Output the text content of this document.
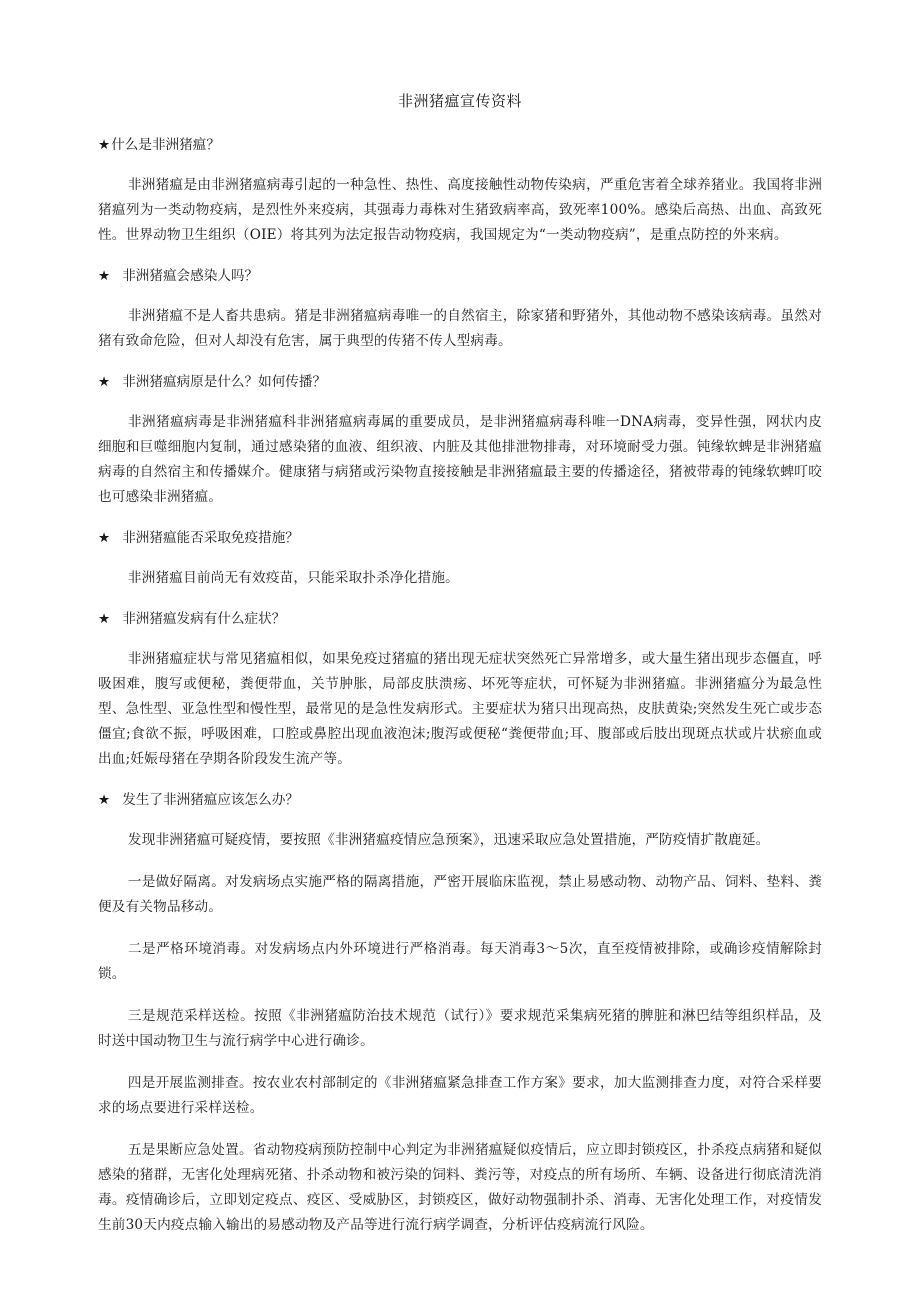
非洲猪瘟宣传资料
★什么是非洲猪瘟？

非洲猪瘟是由非洲猪瘟病毒引起的一种急性、热性、高度接触性动物传染病，严重危害着全球养猪业。我国将非洲猪瘟列为一类动物疫病，是烈性外来疫病，其强毒力毒株对生猪致病率高，致死率100%。感染后高热、出血、高致死性。世界动物卫生组织（OIE）将其列为法定报告动物疫病，我国规定为“一类动物疫病”，是重点防控的外来病。

★ 非洲猪瘟会感染人吗？

非洲猪瘟不是人畜共患病。猪是非洲猪瘟病毒唯一的自然宿主，除家猪和野猪外，其他动物不感染该病毒。虽然对猪有致命危险，但对人却没有危害，属于典型的传猪不传人型病毒。

★ 非洲猪瘟病原是什么？如何传播？

非洲猪瘟病毒是非洲猪瘟科非洲猪瘟病毒属的重要成员，是非洲猪瘟病毒科唯一DNA病毒，变异性强，网状内皮细胞和巨噬细胞内复制，通过感染猪的血液、组织液、内脏及其他排泄物排毒，对环境耐受力强。钝缘软蜱是非洲猪瘟病毒的自然宿主和传播媒介。健康猪与病猪或污染物直接接触是非洲猪瘟最主要的传播途径，猪被带毒的钝缘软蜱叮咬也可感染非洲猪瘟。

★ 非洲猪瘟能否采取免疫措施？

非洲猪瘟目前尚无有效疫苗，只能采取扑杀净化措施。

★ 非洲猪瘟发病有什么症状？

非洲猪瘟症状与常见猪瘟相似，如果免疫过猪瘟的猪出现无症状突然死亡异常增多，或大量生猪出现步态僵直，呼吸困难，腹写或便秘，粪便带血，关节肿胀，局部皮肤溃疡、坏死等症状，可怀疑为非洲猪瘟。非洲猪瘟分为最急性型、急性型、亚急性型和慢性型，最常见的是急性发病形式。主要症状为猪只出现高热，皮肤黄染;突然发生死亡或步态僵宜;食欲不振，呼吸困难，口腔或鼻腔出现血液泡沫;腹泻或便秘“粪便带血;耳、腹部或后肢出现斑点状或片状瘀血或出血;妊娠母猪在孕期各阶段发生流产等。

★ 发生了非洲猪瘟应该怎么办？

发现非洲猪瘟可疑疫情，要按照《非洲猪瘟疫情应急预案》，迅速采取应急处置措施，严防疫情扩散鹿延。

一是做好隔离。对发病场点实施严格的隔离措施，严密开展临床监视，禁止易感动物、动物产品、饲料、垫料、粪便及有关物品移动。

二是严格环境消毒。对发病场点内外环境进行严格消毒。每天消毒3～5次，直至疫情被排除，或确诊疫情解除封锁。

三是规范采样送检。按照《非洲猪瘟防治技术规范（试行）》要求规范采集病死猪的脾脏和淋巴结等组织样品，及时送中国动物卫生与流行病学中心进行确诊。

四是开展监测排查。按农业农村部制定的《非洲猪瘟紧急排查工作方案》要求，加大监测排查力度，对符合采样要求的场点要进行采样送检。

五是果断应急处置。省动物疫病预防控制中心判定为非洲猪瘟疑似疫情后，应立即封锁疫区，扑杀疫点病猪和疑似感染的猪群，无害化处理病死猪、扑杀动物和被污染的饲料、粪污等，对疫点的所有场所、车辆、设备进行彻底清洗消毒。疫情确诊后，立即划定疫点、疫区、受威胁区，封锁疫区，做好动物强制扑杀、消毒、无害化处理工作，对疫情发生前30天内疫点输入输出的易感动物及产品等进行流行病学调查，分析评估疫病流行风险。
